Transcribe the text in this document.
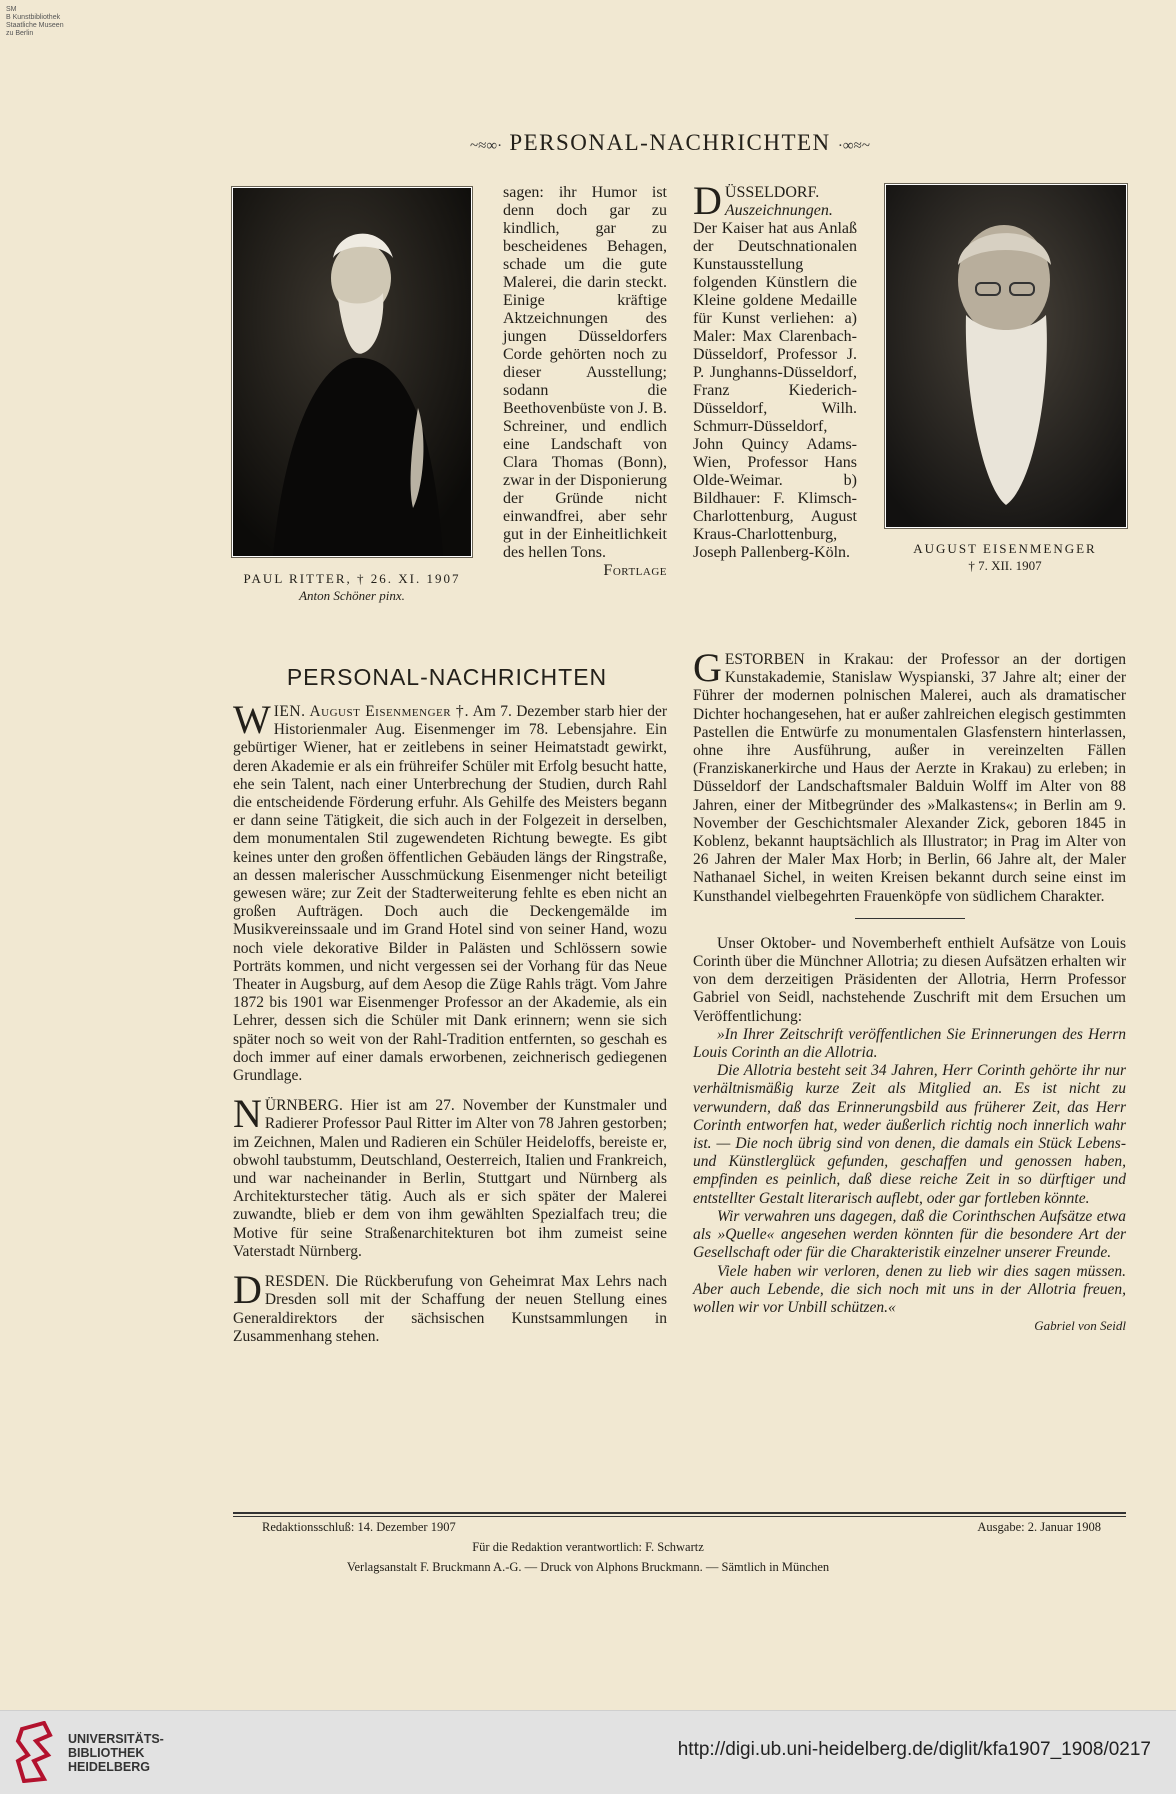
SM
B Kunstbibliothek
Staatliche Museen
zu Berlin
~≈∞· PERSONAL-NACHRICHTEN ·∞≈~
PAUL RITTER, † 26. XI. 1907
Anton Schöner pinx.

sagen: ihr Humor ist denn doch gar zu kindlich, gar zu bescheidenes Behagen, schade um die gute Malerei, die darin steckt. Einige kräftige Aktzeichnungen des jungen Düsseldorfers Corde gehörten noch zu dieser Ausstellung; sodann die Beethovenbüste von J. B. Schreiner, und endlich eine Landschaft von Clara Thomas (Bonn), zwar in der Disponierung der Gründe nicht einwandfrei, aber sehr gut in der Einheitlichkeit des hellen Tons.

Fortlage

DÜSSELDORF. Auszeichnungen. Der Kaiser hat aus Anlaß der Deutschnationalen Kunstausstellung folgenden Künstlern die Kleine goldene Medaille für Kunst verliehen: a) Maler: Max Clarenbach-Düsseldorf, Professor J. P. Junghanns-Düsseldorf, Franz Kiederich-Düsseldorf, Wilh. Schmurr-Düsseldorf, John Quincy Adams-Wien, Professor Hans Olde-Weimar. b) Bildhauer: F. Klimsch-Charlottenburg, August Kraus-Charlottenburg, Joseph Pallenberg-Köln.	AUGUST EISENMENGER
† 7. XII. 1907
PERSONAL-NACHRICHTEN

WIEN. August Eisenmenger †. Am 7. Dezember starb hier der Historienmaler Aug. Eisenmenger im 78. Lebensjahre. Ein gebürtiger Wiener, hat er zeitlebens in seiner Heimatstadt gewirkt, deren Akademie er als ein frühreifer Schüler mit Erfolg besucht hatte, ehe sein Talent, nach einer Unterbrechung der Studien, durch Rahl die entscheidende Förderung erfuhr. Als Gehilfe des Meisters begann er dann seine Tätigkeit, die sich auch in der Folgezeit in derselben, dem monumentalen Stil zugewendeten Richtung bewegte. Es gibt keines unter den großen öffentlichen Gebäuden längs der Ringstraße, an dessen malerischer Ausschmückung Eisenmenger nicht beteiligt gewesen wäre; zur Zeit der Stadterweiterung fehlte es eben nicht an großen Aufträgen. Doch auch die Deckengemälde im Musikvereinssaale und im Grand Hotel sind von seiner Hand, wozu noch viele dekorative Bilder in Palästen und Schlössern sowie Porträts kommen, und nicht vergessen sei der Vorhang für das Neue Theater in Augsburg, auf dem Aesop die Züge Rahls trägt. Vom Jahre 1872 bis 1901 war Eisenmenger Professor an der Akademie, als ein Lehrer, dessen sich die Schüler mit Dank erinnern; wenn sie sich später noch so weit von der Rahl-Tradition entfernten, so geschah es doch immer auf einer damals erworbenen, zeichnerisch gediegenen Grundlage.

NÜRNBERG. Hier ist am 27. November der Kunstmaler und Radierer Professor Paul Ritter im Alter von 78 Jahren gestorben; im Zeichnen, Malen und Radieren ein Schüler Heideloffs, bereiste er, obwohl taubstumm, Deutschland, Oesterreich, Italien und Frankreich, und war nacheinander in Berlin, Stuttgart und Nürnberg als Architekturstecher tätig. Auch als er sich später der Malerei zuwandte, blieb er dem von ihm gewählten Spezialfach treu; die Motive für seine Straßenarchitekturen bot ihm zumeist seine Vaterstadt Nürnberg.

DRESDEN. Die Rückberufung von Geheimrat Max Lehrs nach Dresden soll mit der Schaffung der neuen Stellung eines Generaldirektors der sächsischen Kunstsammlungen in Zusammenhang stehen.

GESTORBEN in Krakau: der Professor an der dortigen Kunstakademie, Stanislaw Wyspianski, 37 Jahre alt; einer der Führer der modernen polnischen Malerei, auch als dramatischer Dichter hochangesehen, hat er außer zahlreichen elegisch gestimmten Pastellen die Entwürfe zu monumentalen Glasfenstern hinterlassen, ohne ihre Ausführung, außer in vereinzelten Fällen (Franziskanerkirche und Haus der Aerzte in Krakau) zu erleben; in Düsseldorf der Landschaftsmaler Balduin Wolff im Alter von 88 Jahren, einer der Mitbegründer des »Malkastens«; in Berlin am 9. November der Geschichtsmaler Alexander Zick, geboren 1845 in Koblenz, bekannt hauptsächlich als Illustrator; in Prag im Alter von 26 Jahren der Maler Max Horb; in Berlin, 66 Jahre alt, der Maler Nathanael Sichel, in weiten Kreisen bekannt durch seine einst im Kunsthandel vielbegehrten Frauenköpfe von südlichem Charakter.

Unser Oktober- und Novemberheft enthielt Aufsätze von Louis Corinth über die Münchner Allotria; zu diesen Aufsätzen erhalten wir von dem derzeitigen Präsidenten der Allotria, Herrn Professor Gabriel von Seidl, nachstehende Zuschrift mit dem Ersuchen um Veröffentlichung:

»In Ihrer Zeitschrift veröffentlichen Sie Erinnerungen des Herrn Louis Corinth an die Allotria.

Die Allotria besteht seit 34 Jahren, Herr Corinth gehörte ihr nur verhältnismäßig kurze Zeit als Mitglied an. Es ist nicht zu verwundern, daß das Erinnerungsbild aus früherer Zeit, das Herr Corinth entworfen hat, weder äußerlich richtig noch innerlich wahr ist. — Die noch übrig sind von denen, die damals ein Stück Lebens- und Künstlerglück gefunden, geschaffen und genossen haben, empfinden es peinlich, daß diese reiche Zeit in so dürftiger und entstellter Gestalt literarisch auflebt, oder gar fortleben könnte.

Wir verwahren uns dagegen, daß die Corinthschen Aufsätze etwa als »Quelle« angesehen werden könnten für die besondere Art der Gesellschaft oder für die Charakteristik einzelner unserer Freunde.

Viele haben wir verloren, denen zu lieb wir dies sagen müssen. Aber auch Lebende, die sich noch mit uns in der Allotria freuen, wollen wir vor Unbill schützen.«

Gabriel von Seidl

Redaktionsschluß: 14. Dezember 1907	Ausgabe: 2. Januar 1908
Für die Redaktion verantwortlich: F. Schwartz
Verlagsanstalt F. Bruckmann A.-G. — Druck von Alphons Bruckmann. — Sämtlich in München
UNIVERSITÄTS-
BIBLIOTHEK
HEIDELBERG
http://digi.ub.uni-heidelberg.de/diglit/kfa1907_1908/0217
